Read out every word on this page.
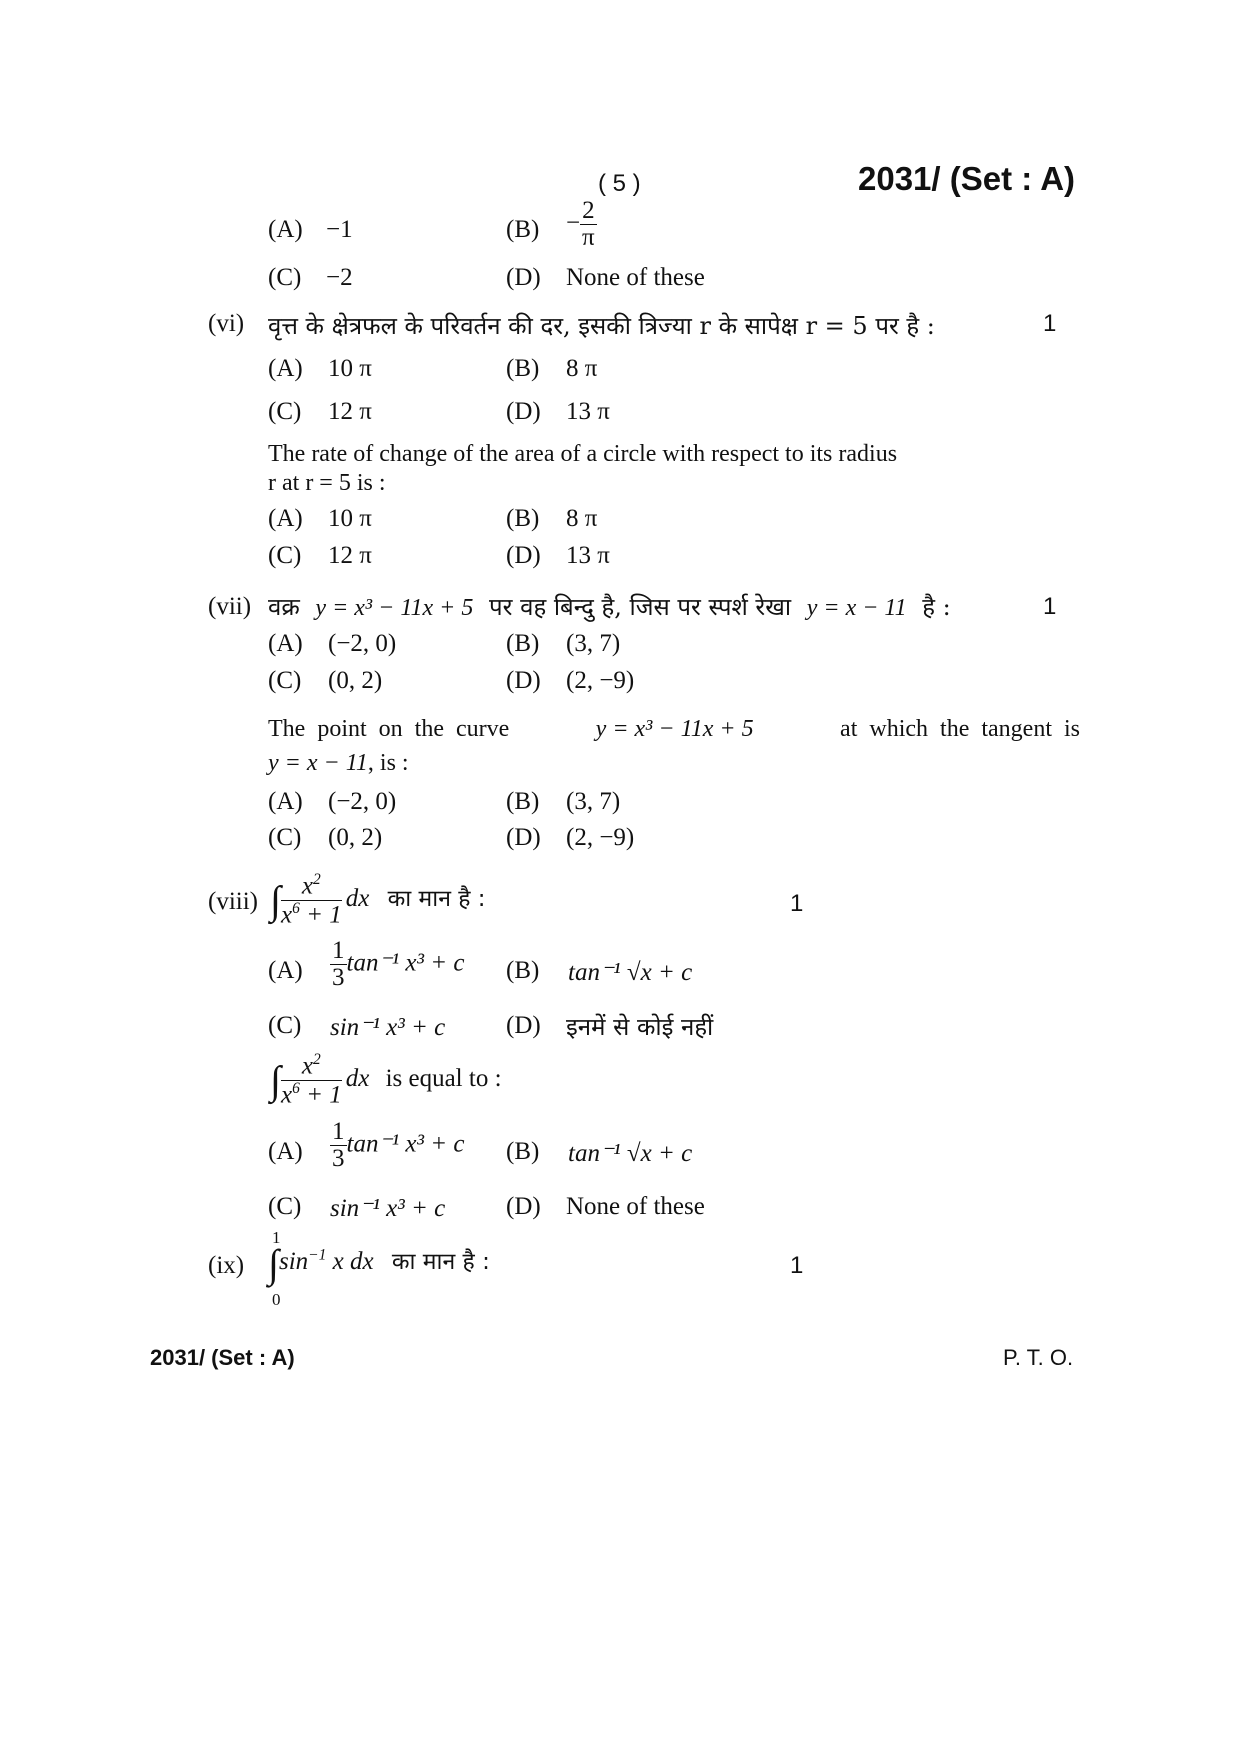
( 5 )	2031/ (Set : A)
(A) −1	$(B) - \frac{2}{\pi}$
(C) −2	(D) None of these
(vi) वृत्त के क्षेत्रफल के परिवर्तन की दर, इसकी त्रिज्या r के सापेक्ष r = 5 पर है :	1
(A) 10 π	(B) 8 π
(C) 12 π	(D) 13 π
The rate of change of the area of a circle with respect to its radius
r at r = 5 is :
(A) 10 π	(B) 8 π
(C) 12 π	(D) 13 π
(vii) वक्र y = x³ − 11x + 5 पर वह बिन्दु है, जिस पर स्पर्श रेखा y = x − 11 है :	1
(A) (−2, 0)	(B) (3, 7)
(C) (0, 2)	(D) (2, −9)
The point on the curve	y = x³ − 11x + 5	at which the tangent is
y = x − 11, is :
(A) (−2, 0)	(B) (3, 7)
(C) (0, 2)	(D) (2, −9)
(viii) ∫ $\frac{x^2}{x^6 + 1}$ dx का मान है :	1
$(A) \frac{1}{3} \tan^{-1}$ x³ + c (B) tan⁻¹ √x + c
(C) sin⁻¹ x³ + c (D) इनमें से कोई नहीं
∫ $\frac{x^2}{x^6 + 1}$ dx is equal to :
$(A) \frac{1}{3} \tan^{-1}$ x³ + c (B) tan⁻¹ √x + c
(C) sin⁻¹ x³ + c (D) None of these
(ix)
1
0
$\int\sin^{-1}$ x dx का मान है :	1
2031/ (Set : A)	P. T. O.
